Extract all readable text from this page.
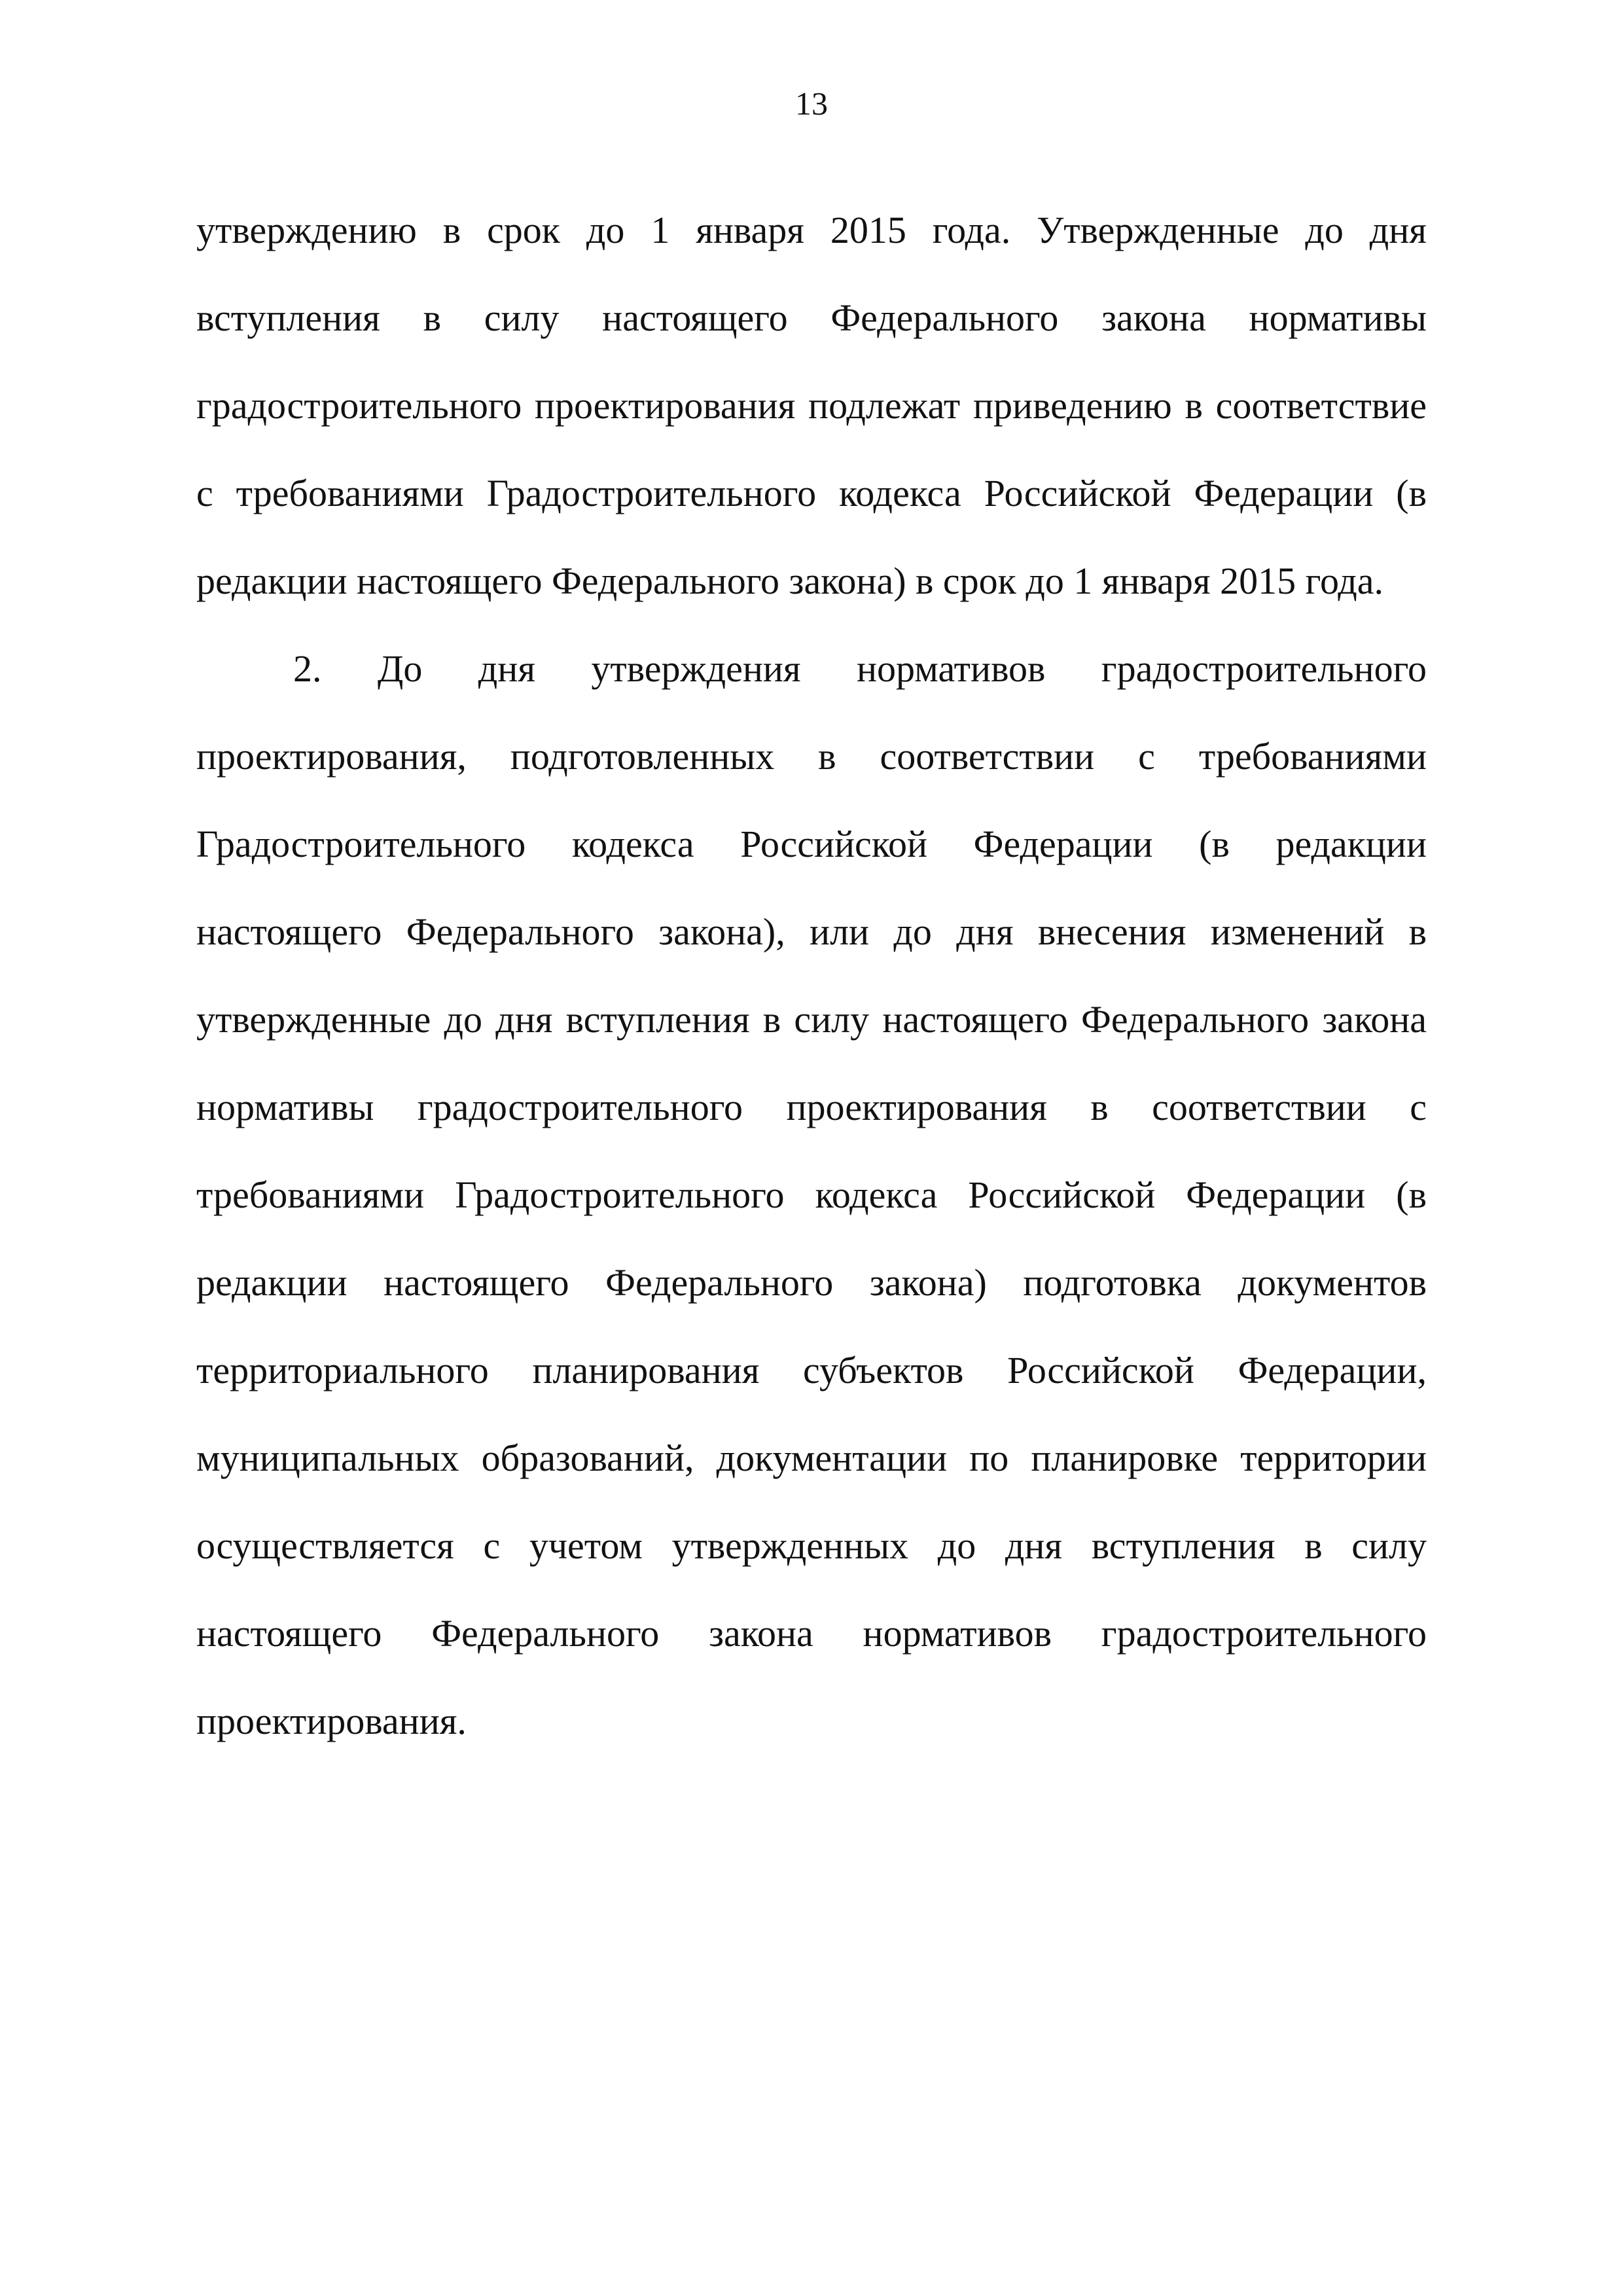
13

утверждению в срок до 1 января 2015 года. Утвержденные до дня вступления в силу настоящего Федерального закона нормативы градостроительного проектирования подлежат приведению в соответствие с требованиями Градостроительного кодекса Российской Федерации (в редакции настоящего Федерального закона) в срок до 1 января 2015 года.

2. До дня утверждения нормативов градостроительного проектирования, подготовленных в соответствии с требованиями Градостроительного кодекса Российской Федерации (в редакции настоящего Федерального закона), или до дня внесения изменений в утвержденные до дня вступления в силу настоящего Федерального закона нормативы градостроительного проектирования в соответствии с требованиями Градостроительного кодекса Российской Федерации (в редакции настоящего Федерального закона) подготовка документов территориального планирования субъектов Российской Федерации, муниципальных образований, документации по планировке территории осуществляется с учетом утвержденных до дня вступления в силу настоящего Федерального закона нормативов градостроительного проектирования.
